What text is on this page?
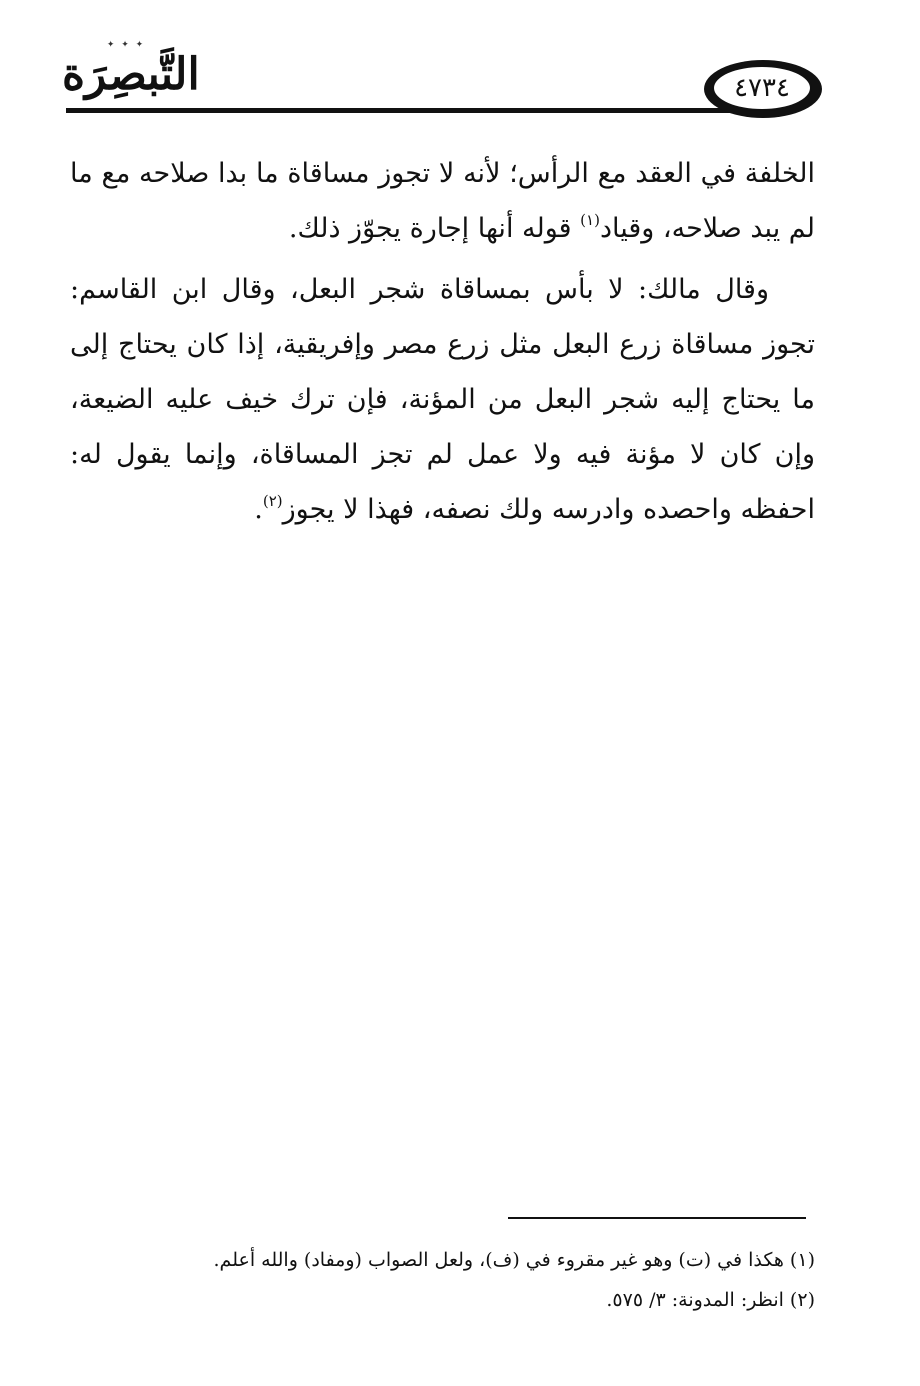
✦ ✦ ✦
التَّبصِرَة	٤٧٣٤

الخلفة في العقد مع الرأس؛ لأنه لا تجوز مساقاة ما بدا صلاحه مع ما لم يبد صلاحه، وقياد$^{(١)}$ قوله أنها إجارة يجوّز ذلك.

وقال مالك: لا بأس بمساقاة شجر البعل، وقال ابن القاسم: تجوز مساقاة زرع البعل مثل زرع مصر وإفريقية، إذا كان يحتاج إلى ما يحتاج إليه شجر البعل من المؤنة، فإن ترك خيف عليه الضيعة، وإن كان لا مؤنة فيه ولا عمل لم تجز المساقاة، وإنما يقول له: احفظه واحصده وادرسه ولك نصفه، فهذا لا يجوز$^{(٢)}$.

(١) هكذا في (ت) وهو غير مقروء في (ف)، ولعل الصواب (ومفاد) والله أعلم.

(٢) انظر: المدونة: ٣/ ٥٧٥.
